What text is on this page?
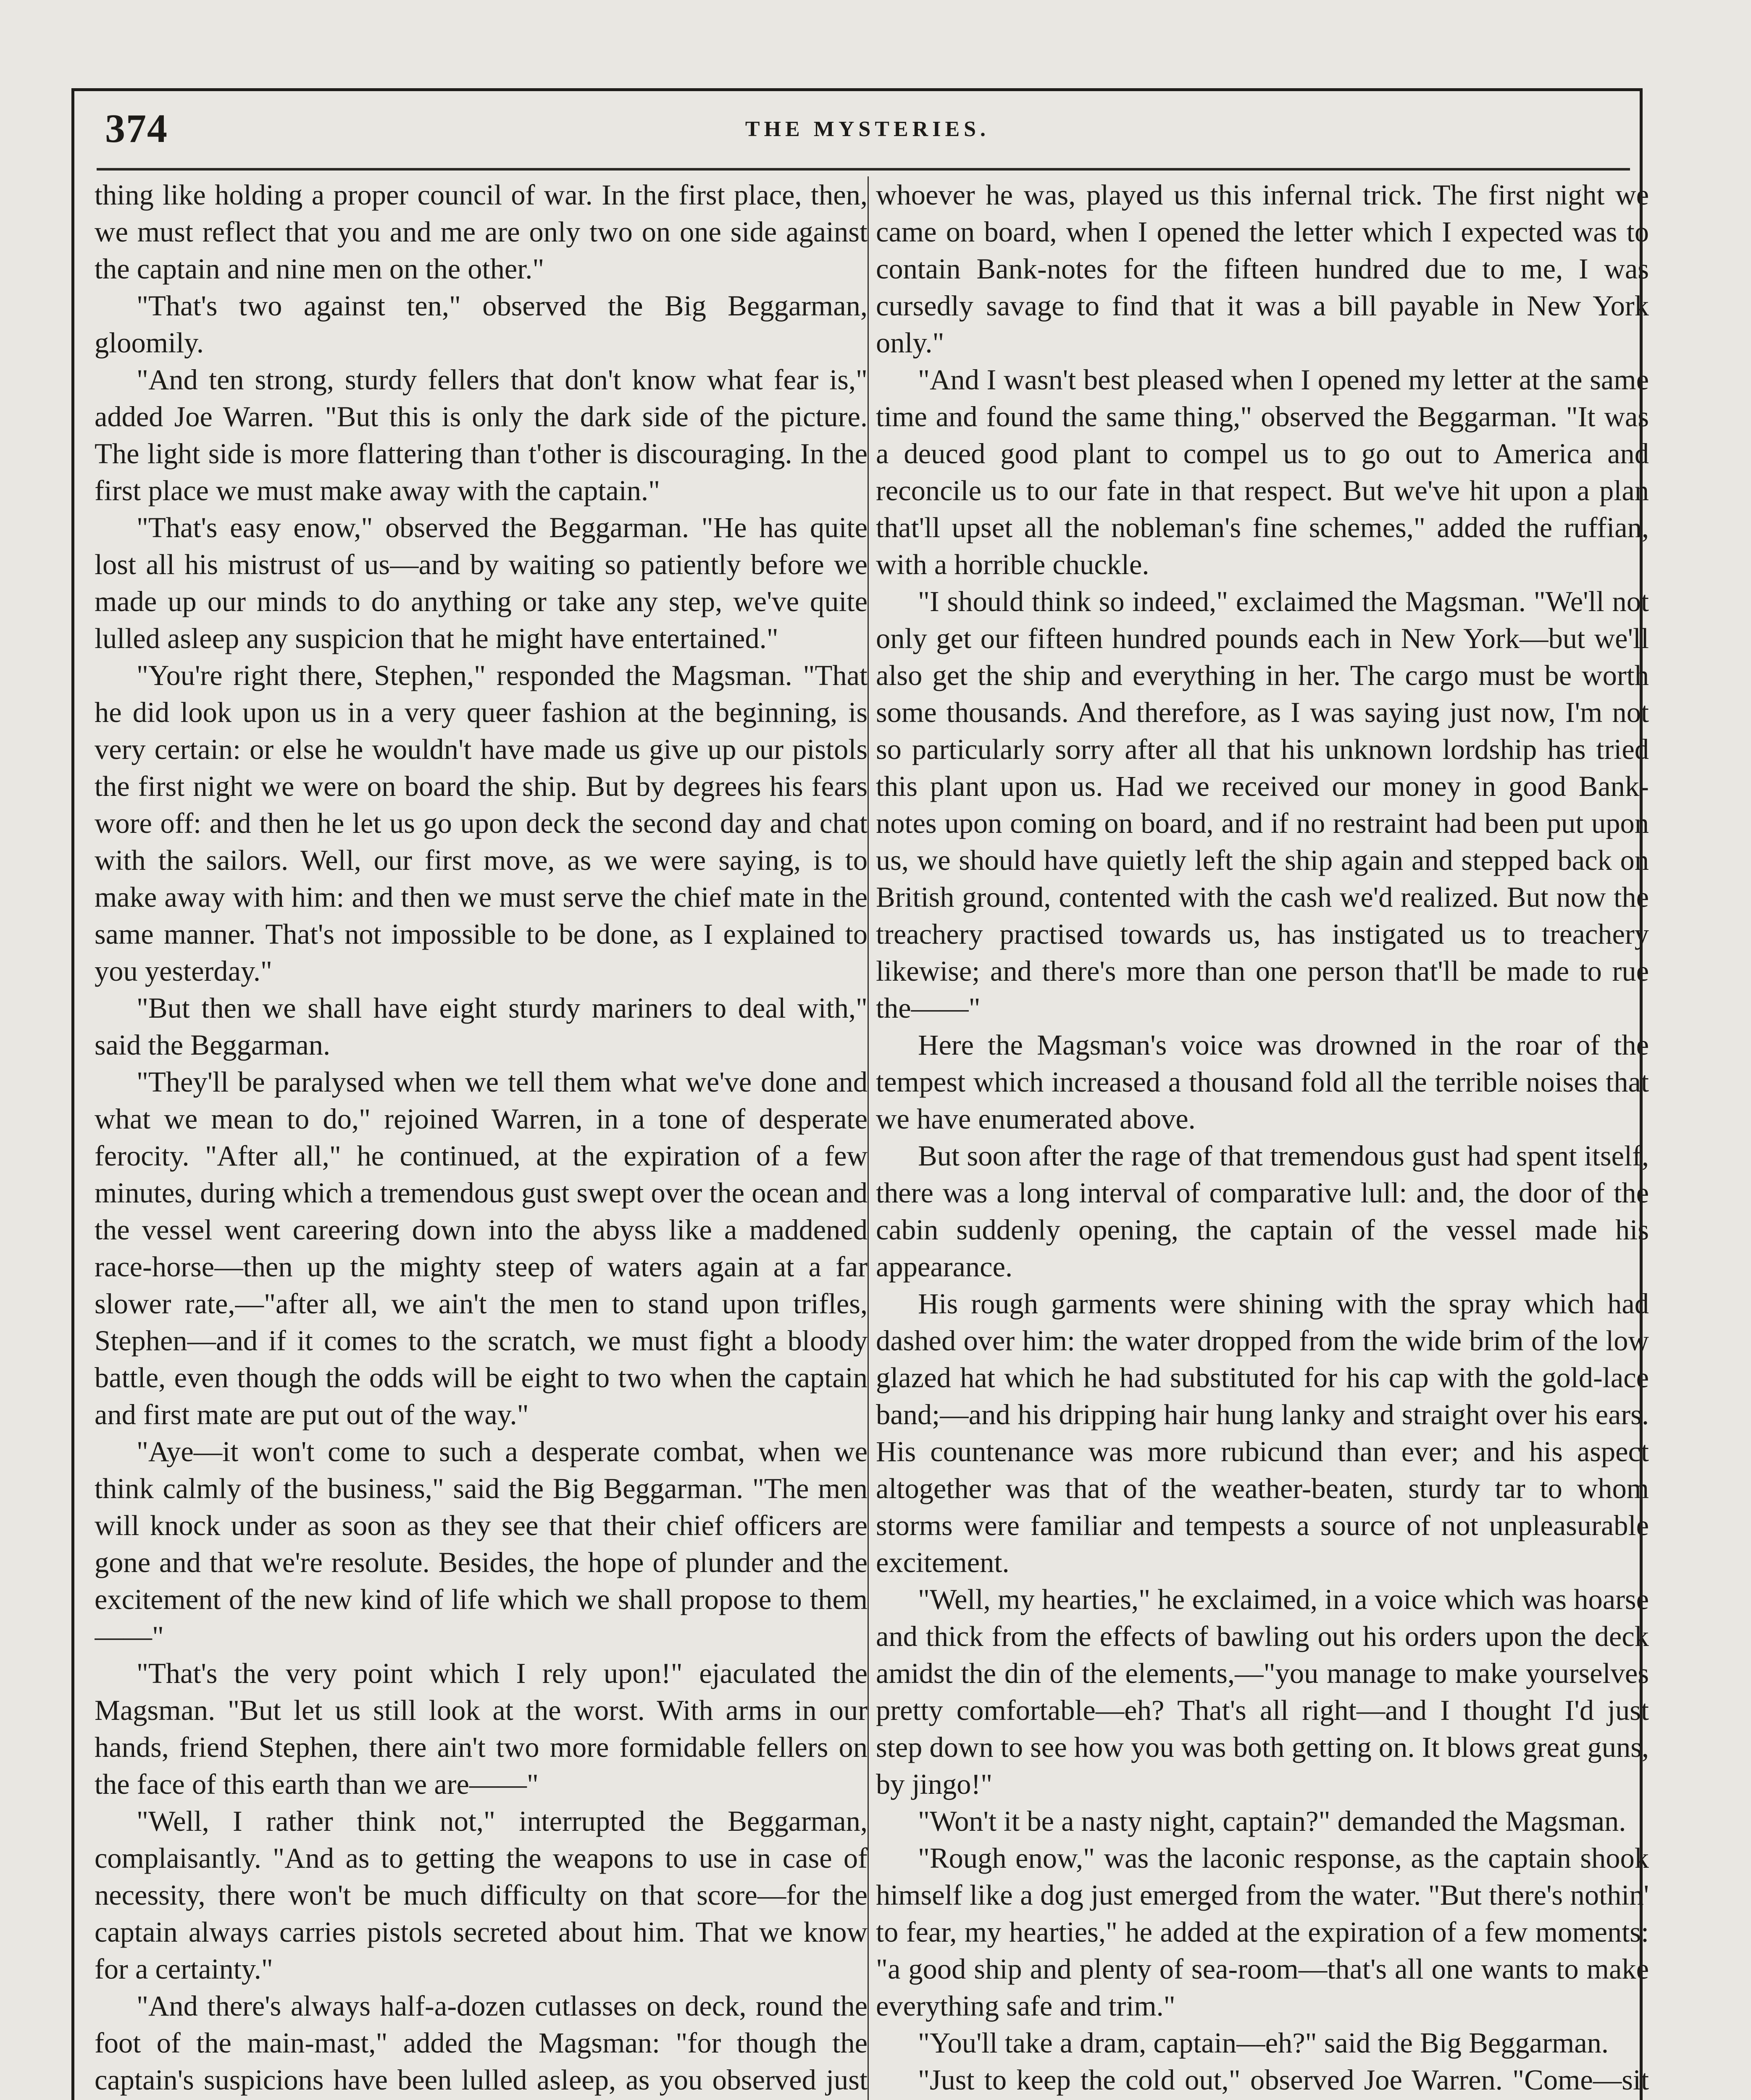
374	THE MYSTERIES.

thing like holding a proper council of war. In the first place, then, we must reflect that you and me are only two on one side against the captain and nine men on the other."

"That's two against ten," observed the Big Beggarman, gloomily.

"And ten strong, sturdy fellers that don't know what fear is," added Joe Warren. "But this is only the dark side of the picture. The light side is more flattering than t'other is discouraging. In the first place we must make away with the captain."

"That's easy enow," observed the Beggarman. "He has quite lost all his mistrust of us—and by waiting so patiently before we made up our minds to do anything or take any step, we've quite lulled asleep any suspicion that he might have entertained."

"You're right there, Stephen," responded the Magsman. "That he did look upon us in a very queer fashion at the beginning, is very certain: or else he wouldn't have made us give up our pistols the first night we were on board the ship. But by degrees his fears wore off: and then he let us go upon deck the second day and chat with the sailors. Well, our first move, as we were saying, is to make away with him: and then we must serve the chief mate in the same manner. That's not impossible to be done, as I explained to you yesterday."

"But then we shall have eight sturdy mariners to deal with," said the Beggarman.

"They'll be paralysed when we tell them what we've done and what we mean to do," rejoined Warren, in a tone of desperate ferocity. "After all," he continued, at the expiration of a few minutes, during which a tremendous gust swept over the ocean and the vessel went careering down into the abyss like a maddened race-horse—then up the mighty steep of waters again at a far slower rate,—"after all, we ain't the men to stand upon trifles, Stephen—and if it comes to the scratch, we must fight a bloody battle, even though the odds will be eight to two when the captain and first mate are put out of the way."

"Aye—it won't come to such a desperate combat, when we think calmly of the business," said the Big Beggarman. "The men will knock under as soon as they see that their chief officers are gone and that we're resolute. Besides, the hope of plunder and the excitement of the new kind of life which we shall propose to them——"

"That's the very point which I rely upon!" ejaculated the Magsman. "But let us still look at the worst. With arms in our hands, friend Stephen, there ain't two more formidable fellers on the face of this earth than we are——"

"Well, I rather think not," interrupted the Beggarman, complaisantly. "And as to getting the weapons to use in case of necessity, there won't be much difficulty on that score—for the captain always carries pistols secreted about him. That we know for a certainty."

"And there's always half-a-dozen cutlasses on deck, round the foot of the main-mast," added the Magsman: "for though the captain's suspicions have been lulled asleep, as you observed just

whoever he was, played us this infernal trick. The first night we came on board, when I opened the letter which I expected was to contain Bank-notes for the fifteen hundred due to me, I was cursedly savage to find that it was a bill payable in New York only."

"And I wasn't best pleased when I opened my letter at the same time and found the same thing," observed the Beggarman. "It was a deuced good plant to compel us to go out to America and reconcile us to our fate in that respect. But we've hit upon a plan that'll upset all the nobleman's fine schemes," added the ruffian, with a horrible chuckle.

"I should think so indeed," exclaimed the Magsman. "We'll not only get our fifteen hundred pounds each in New York—but we'll also get the ship and everything in her. The cargo must be worth some thousands. And therefore, as I was saying just now, I'm not so particularly sorry after all that his unknown lordship has tried this plant upon us. Had we received our money in good Bank-notes upon coming on board, and if no restraint had been put upon us, we should have quietly left the ship again and stepped back on British ground, contented with the cash we'd realized. But now the treachery practised towards us, has instigated us to treachery likewise; and there's more than one person that'll be made to rue the——"

Here the Magsman's voice was drowned in the roar of the tempest which increased a thousand fold all the terrible noises that we have enumerated above.

But soon after the rage of that tremendous gust had spent itself, there was a long interval of comparative lull: and, the door of the cabin suddenly opening, the captain of the vessel made his appearance.

His rough garments were shining with the spray which had dashed over him: the water dropped from the wide brim of the low glazed hat which he had substituted for his cap with the gold-lace band;—and his dripping hair hung lanky and straight over his ears. His countenance was more rubicund than ever; and his aspect altogether was that of the weather-beaten, sturdy tar to whom storms were familiar and tempests a source of not unpleasurable excitement.

"Well, my hearties," he exclaimed, in a voice which was hoarse and thick from the effects of bawling out his orders upon the deck amidst the din of the elements,—"you manage to make yourselves pretty comfortable—eh? That's all right—and I thought I'd just step down to see how you was both getting on. It blows great guns, by jingo!"

"Won't it be a nasty night, captain?" demanded the Magsman.

"Rough enow," was the laconic response, as the captain shook himself like a dog just emerged from the water. "But there's nothin' to fear, my hearties," he added at the expiration of a few moments: "a good ship and plenty of sea-room—that's all one wants to make everything safe and trim."

"You'll take a dram, captain—eh?" said the Big Beggarman.

"Just to keep the cold out," observed Joe Warren. "Come—sit
